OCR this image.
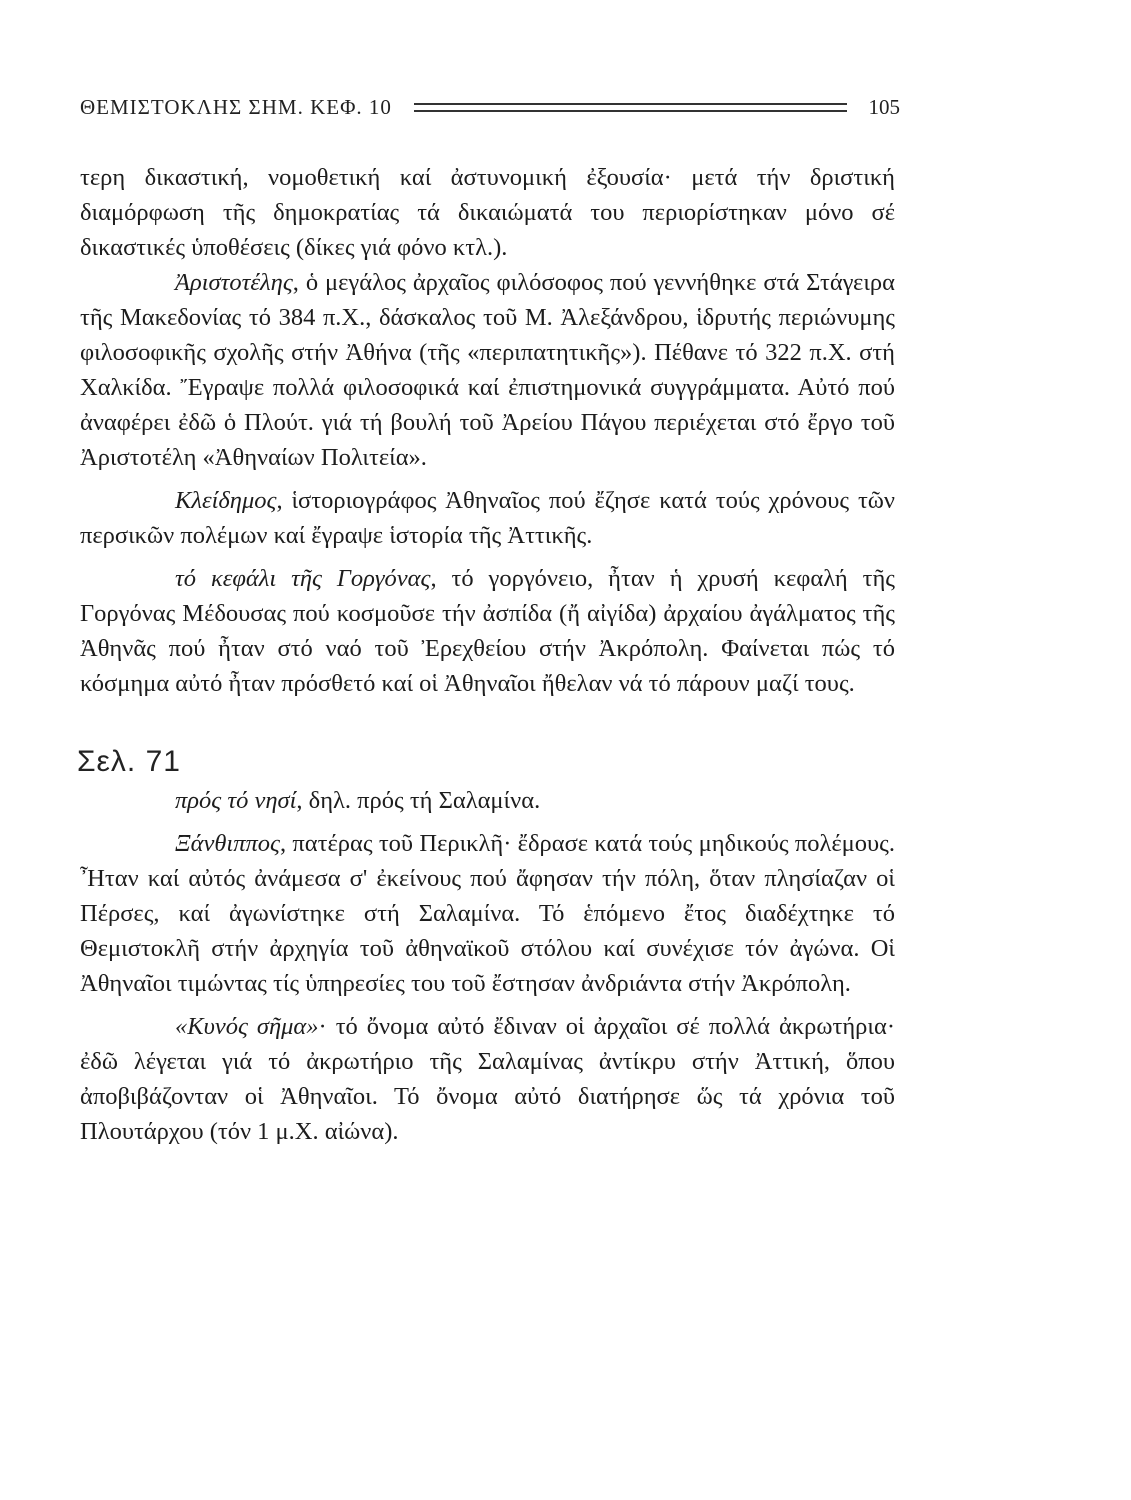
ΘΕΜΙΣΤΟΚΛΗΣ ΣΗΜ. ΚΕΦ. 10	105

τερη δικαστική, νομοθετική καί ἀστυνομική ἐξουσία· μετά τήν δριστική διαμόρφωση τῆς δημοκρατίας τά δικαιώματά του περιορίστηκαν μόνο σέ δικαστικές ὑποθέσεις (δίκες γιά φόνο κτλ.).

Ἀριστοτέλης, ὁ μεγάλος ἀρχαῖος φιλόσοφος πού γεννήθηκε στά Στάγειρα τῆς Μακεδονίας τό 384 π.Χ., δάσκαλος τοῦ Μ. Ἀλεξάνδρου, ἱδρυτής περιώνυμης φιλοσοφικῆς σχολῆς στήν Ἀθήνα (τῆς «περιπατητικῆς»). Πέθανε τό 322 π.Χ. στή Χαλκίδα. Ἔγραψε πολλά φιλοσοφικά καί ἐπιστημονικά συγγράμματα. Αὐτό πού ἀναφέρει ἐδῶ ὁ Πλούτ. γιά τή βουλή τοῦ Ἀρείου Πάγου περιέχεται στό ἔργο τοῦ Ἀριστοτέλη «Ἀθηναίων Πολιτεία».

Κλείδημος, ἱστοριογράφος Ἀθηναῖος πού ἔζησε κατά τούς χρόνους τῶν περσικῶν πολέμων καί ἔγραψε ἱστορία τῆς Ἀττικῆς.

τό κεφάλι τῆς Γοργόνας, τό γοργόνειο, ἦταν ἡ χρυσή κεφαλή τῆς Γοργόνας Μέδουσας πού κοσμοῦσε τήν ἀσπίδα (ἤ αἰγίδα) ἀρχαίου ἀγάλματος τῆς Ἀθηνᾶς πού ἦταν στό ναό τοῦ Ἐρεχθείου στήν Ἀκρόπολη. Φαίνεται πώς τό κόσμημα αὐτό ἦταν πρόσθετό καί οἱ Ἀθηναῖοι ἤθελαν νά τό πάρουν μαζί τους.

Σελ. 71

πρός τό νησί, δηλ. πρός τή Σαλαμίνα.

Ξάνθιππος, πατέρας τοῦ Περικλῆ· ἔδρασε κατά τούς μηδικούς πολέμους. Ἦταν καί αὐτός ἀνάμεσα σ' ἐκείνους πού ἄφησαν τήν πόλη, ὅταν πλησίαζαν οἱ Πέρσες, καί ἀγωνίστηκε στή Σαλαμίνα. Τό ἑπόμενο ἔτος διαδέχτηκε τό Θεμιστοκλῆ στήν ἀρχηγία τοῦ ἀθηναϊκοῦ στόλου καί συνέχισε τόν ἀγώνα. Οἱ Ἀθηναῖοι τιμώντας τίς ὑπηρεσίες του τοῦ ἔστησαν ἀνδριάντα στήν Ἀκρόπολη.

«Κυνός σῆμα»· τό ὄνομα αὐτό ἔδιναν οἱ ἀρχαῖοι σέ πολλά ἀκρωτήρια· ἐδῶ λέγεται γιά τό ἀκρωτήριο τῆς Σαλαμίνας ἀντίκρυ στήν Ἀττική, ὅπου ἀποβιβάζονταν οἱ Ἀθηναῖοι. Τό ὄνομα αὐτό διατήρησε ὥς τά χρόνια τοῦ Πλουτάρχου (τόν 1 μ.Χ. αἰώνα).
